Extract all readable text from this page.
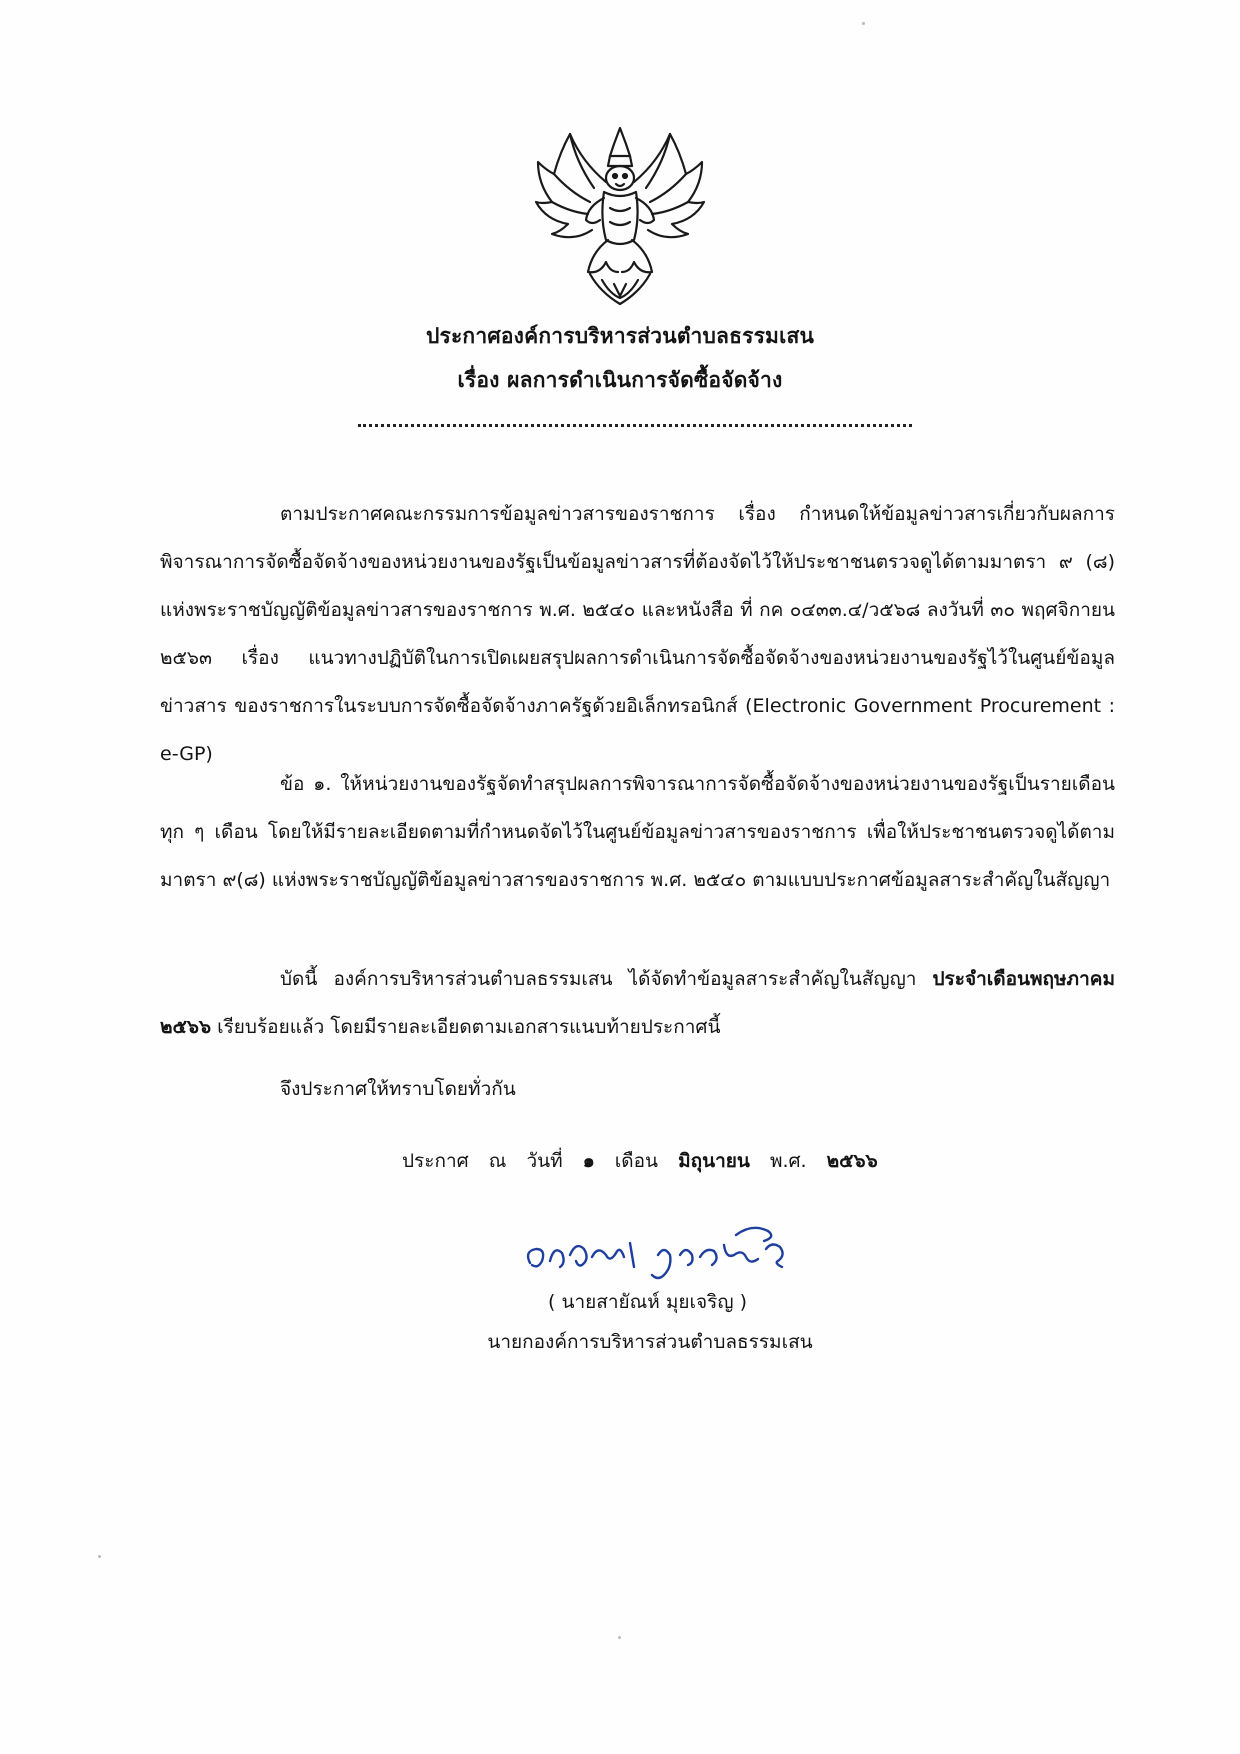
ประกาศองค์การบริหารส่วนตำบลธรรมเสน
เรื่อง ผลการดำเนินการจัดซื้อจัดจ้าง

ตามประกาศคณะกรรมการข้อมูลข่าวสารของราชการ เรื่อง กำหนดให้ข้อมูลข่าวสารเกี่ยวกับผลการพิจารณาการจัดซื้อจัดจ้างของหน่วยงานของรัฐเป็นข้อมูลข่าวสารที่ต้องจัดไว้ให้ประชาชนตรวจดูได้ตามมาตรา ๙ (๘) แห่งพระราชบัญญัติข้อมูลข่าวสารของราชการ พ.ศ. ๒๕๔๐ และหนังสือ ที่ กค ๐๔๓๓.๔/ว๕๖๘ ลงวันที่ ๓๐ พฤศจิกายน ๒๕๖๓ เรื่อง แนวทางปฏิบัติในการเปิดเผยสรุปผลการดำเนินการจัดซื้อจัดจ้างของหน่วยงานของรัฐไว้ในศูนย์ข้อมูลข่าวสาร ของราชการในระบบการจัดซื้อจัดจ้างภาครัฐด้วยอิเล็กทรอนิกส์ (Electronic Government Procurement : e-GP)

ข้อ ๑. ให้หน่วยงานของรัฐจัดทำสรุปผลการพิจารณาการจัดซื้อจัดจ้างของหน่วยงานของรัฐเป็นรายเดือนทุก ๆ เดือน โดยให้มีรายละเอียดตามที่กำหนดจัดไว้ในศูนย์ข้อมูลข่าวสารของราชการ เพื่อให้ประชาชนตรวจดูได้ตามมาตรา ๙(๘) แห่งพระราชบัญญัติข้อมูลข่าวสารของราชการ พ.ศ. ๒๕๔๐ ตามแบบประกาศข้อมูลสาระสำคัญในสัญญา

บัดนี้ องค์การบริหารส่วนตำบลธรรมเสน ได้จัดทำข้อมูลสาระสำคัญในสัญญา ประจำเดือนพฤษภาคม ๒๕๖๖ เรียบร้อยแล้ว โดยมีรายละเอียดตามเอกสารแนบท้ายประกาศนี้

จึงประกาศให้ทราบโดยทั่วกัน

ประกาศ ณ วันที่ ๑ เดือน มิถุนายน พ.ศ. ๒๕๖๖
( นายสายัณห์ มุยเจริญ )
นายกองค์การบริหารส่วนตำบลธรรมเสน
